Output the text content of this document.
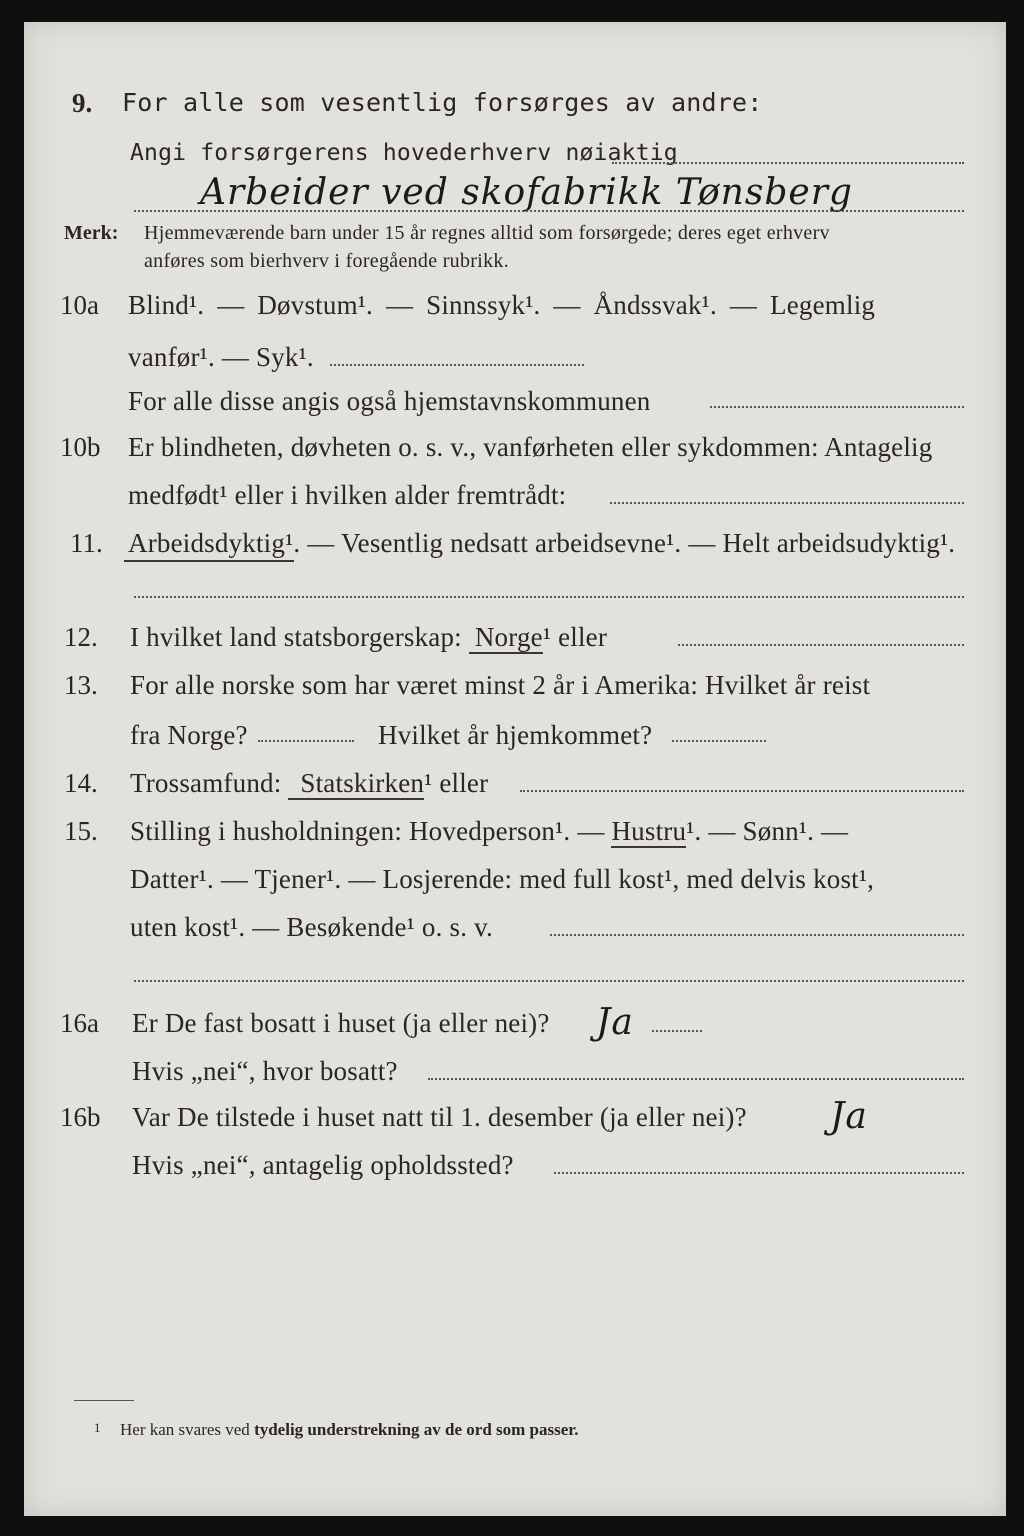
9. For alle som vesentlig forsørges av andre:
Angi forsørgerens hovederhverv nøiaktig
Arbeider ved skofabrikk Tønsberg
Merk: Hjemmeværende barn under 15 år regnes alltid som forsørgede; deres eget erhverv
anføres som bierhverv i foregående rubrikk.
10a Blind¹. — Døvstum¹. — Sinnssyk¹. — Åndssvak¹. — Legemlig
vanfør¹. — Syk¹.
For alle disse angis også hjemstavnskommunen
10b Er blindheten, døvheten o. s. v., vanførheten eller sykdommen: Antagelig
medfødt¹ eller i hvilken alder fremtrådt:
11. Arbeidsdyktig¹. — Vesentlig nedsatt arbeidsevne¹. — Helt arbeidsudyktig¹.
12. I hvilket land statsborgerskap: Norge¹ eller
13. For alle norske som har været minst 2 år i Amerika: Hvilket år reist
fra Norge?	Hvilket år hjemkommet?
14. Trossamfund: Statskirken¹ eller
15. Stilling i husholdningen: Hovedperson¹. — Hustru¹. — Sønn¹. —
Datter¹. — Tjener¹. — Losjerende: med full kost¹, med delvis kost¹,
uten kost¹. — Besøkende¹ o. s. v.
16a Er De fast bosatt i huset (ja eller nei)? Ja
Hvis „nei“, hvor bosatt?
16b Var De tilstede i huset natt til 1. desember (ja eller nei)? Ja
Hvis „nei“, antagelig opholdssted?
1 Her kan svares ved tydelig understrekning av de ord som passer.
